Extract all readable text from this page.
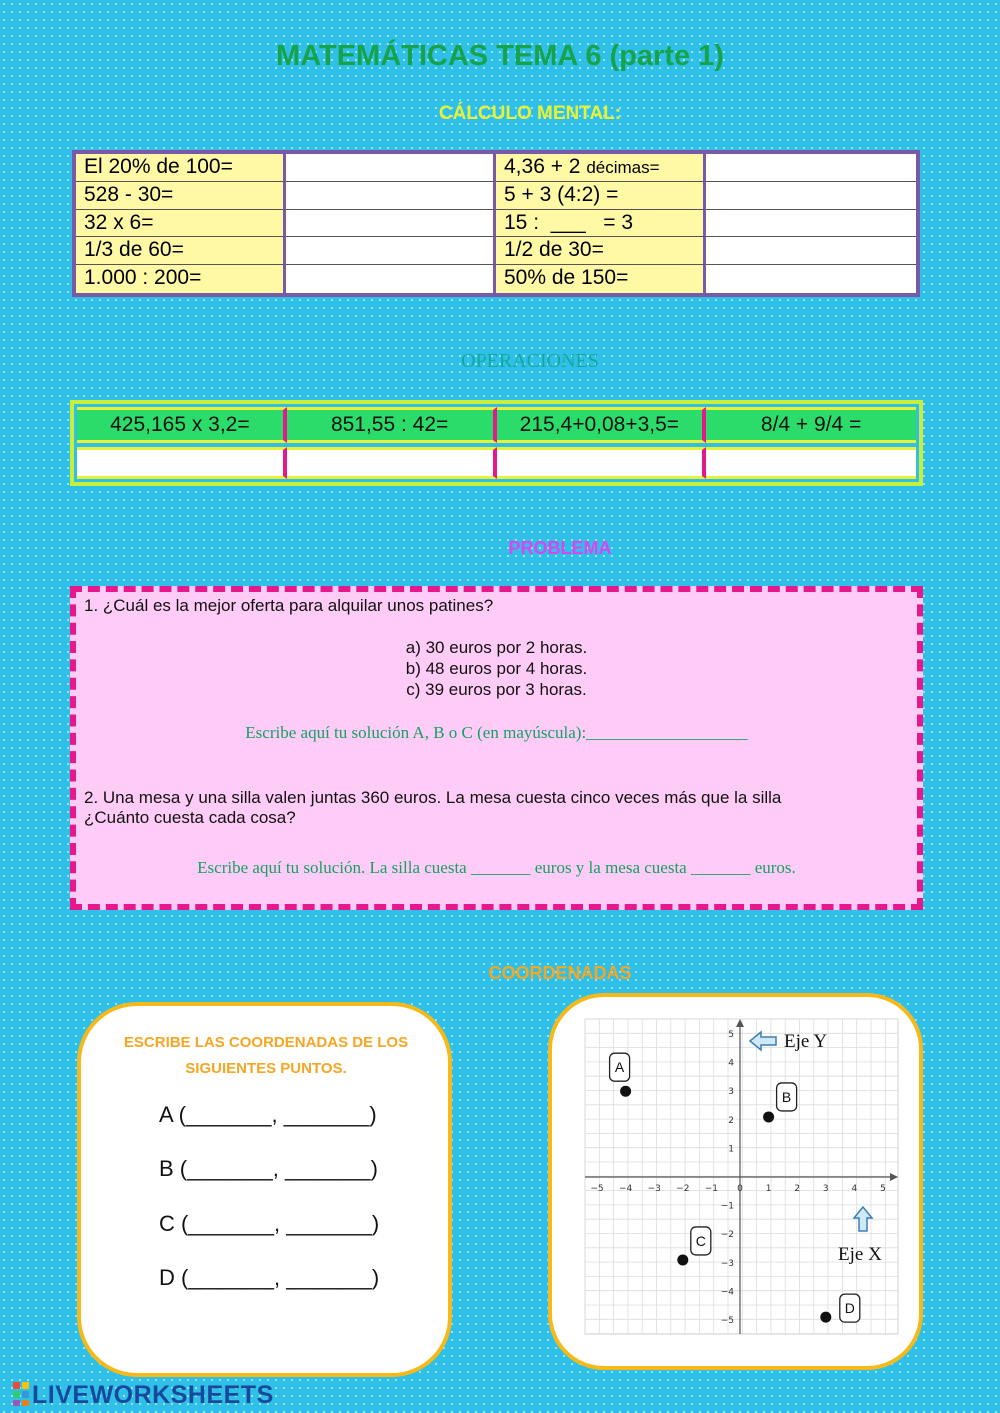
MATEMÁTICAS TEMA 6 (parte 1)
CÁLCULO MENTAL:
El 20% de 100=	4,36 + 2 décimas=
528 - 30=	5 + 3 (4:2) =
32 x 6=	15 :  ___   = 3
1/3 de 60=	1/2 de 30=
1.000 : 200=	50% de 150=
OPERACIONES
425,165 x 3,2=	851,55 : 42=	215,4+0,08+3,5=	8/4 + 9/4 =
PROBLEMA
1. ¿Cuál es la mejor oferta para alquilar unos patines?
a) 30 euros por 2 horas.
b) 48 euros por 4 horas.
c) 39 euros por 3 horas.
Escribe aquí tu solución A, B o C (en mayúscula):___________________
2. Una mesa y una silla valen juntas 360 euros. La mesa cuesta cinco veces más que la silla
¿Cuánto cuesta cada cosa?
Escribe aquí tu solución. La silla cuesta _______ euros y la mesa cuesta _______ euros.
COORDENADAS
ESCRIBE LAS COORDENADAS DE LOS
SIGUIENTES PUNTOS.
A (_______, _______)
B (_______, _______)
C (_______, _______)
D (_______, _______)
−5 −4 −3 −2 −1 0	1	2	3	4	5
5
4
3
2
1
−1
−2
−3
−4
−5
A
B
C
D
Eje Y
Eje X
LIVEWORKSHEETS
